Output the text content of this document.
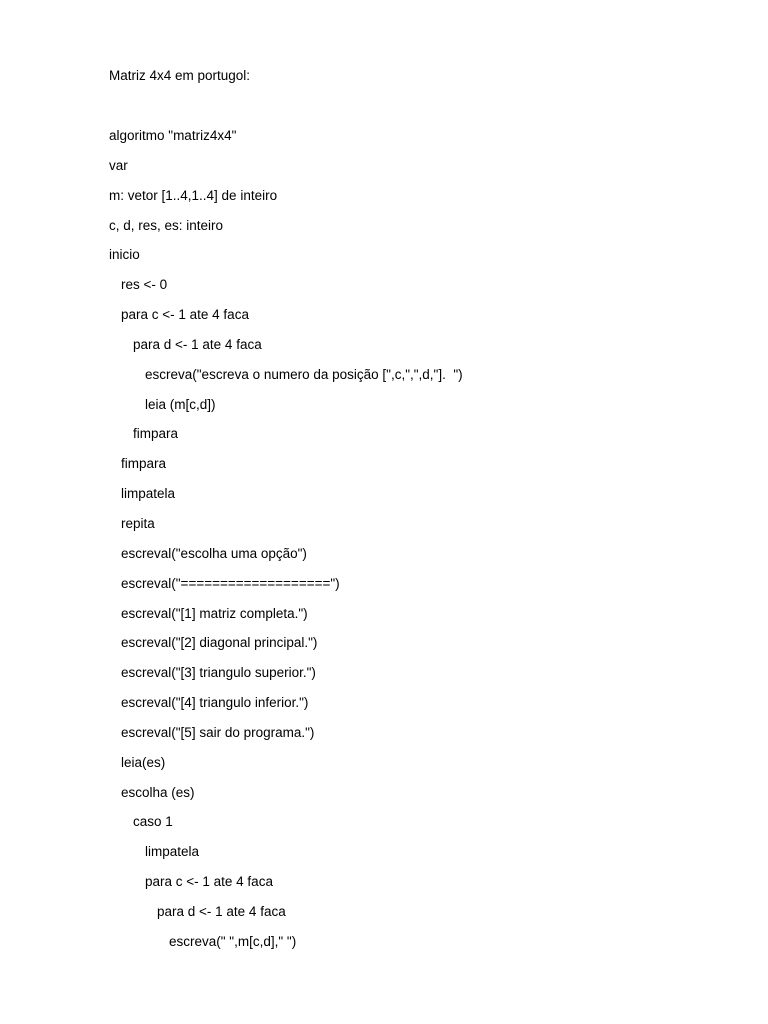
Matriz 4x4 em portugol:
algoritmo "matriz4x4"
var
m: vetor [1..4,1..4] de inteiro
c, d, res, es: inteiro
inicio
res <- 0
para c <- 1 ate 4 faca
para d <- 1 ate 4 faca
escreva("escreva o numero da posição [",c,",",d,"].  ")
leia (m[c,d])
fimpara
fimpara
limpatela
repita
escreval("escolha uma opção")
escreval("===================")
escreval("[1] matriz completa.")
escreval("[2] diagonal principal.")
escreval("[3] triangulo superior.")
escreval("[4] triangulo inferior.")
escreval("[5] sair do programa.")
leia(es)
escolha (es)
caso 1
limpatela
para c <- 1 ate 4 faca
para d <- 1 ate 4 faca
escreva(" ",m[c,d]," ")
